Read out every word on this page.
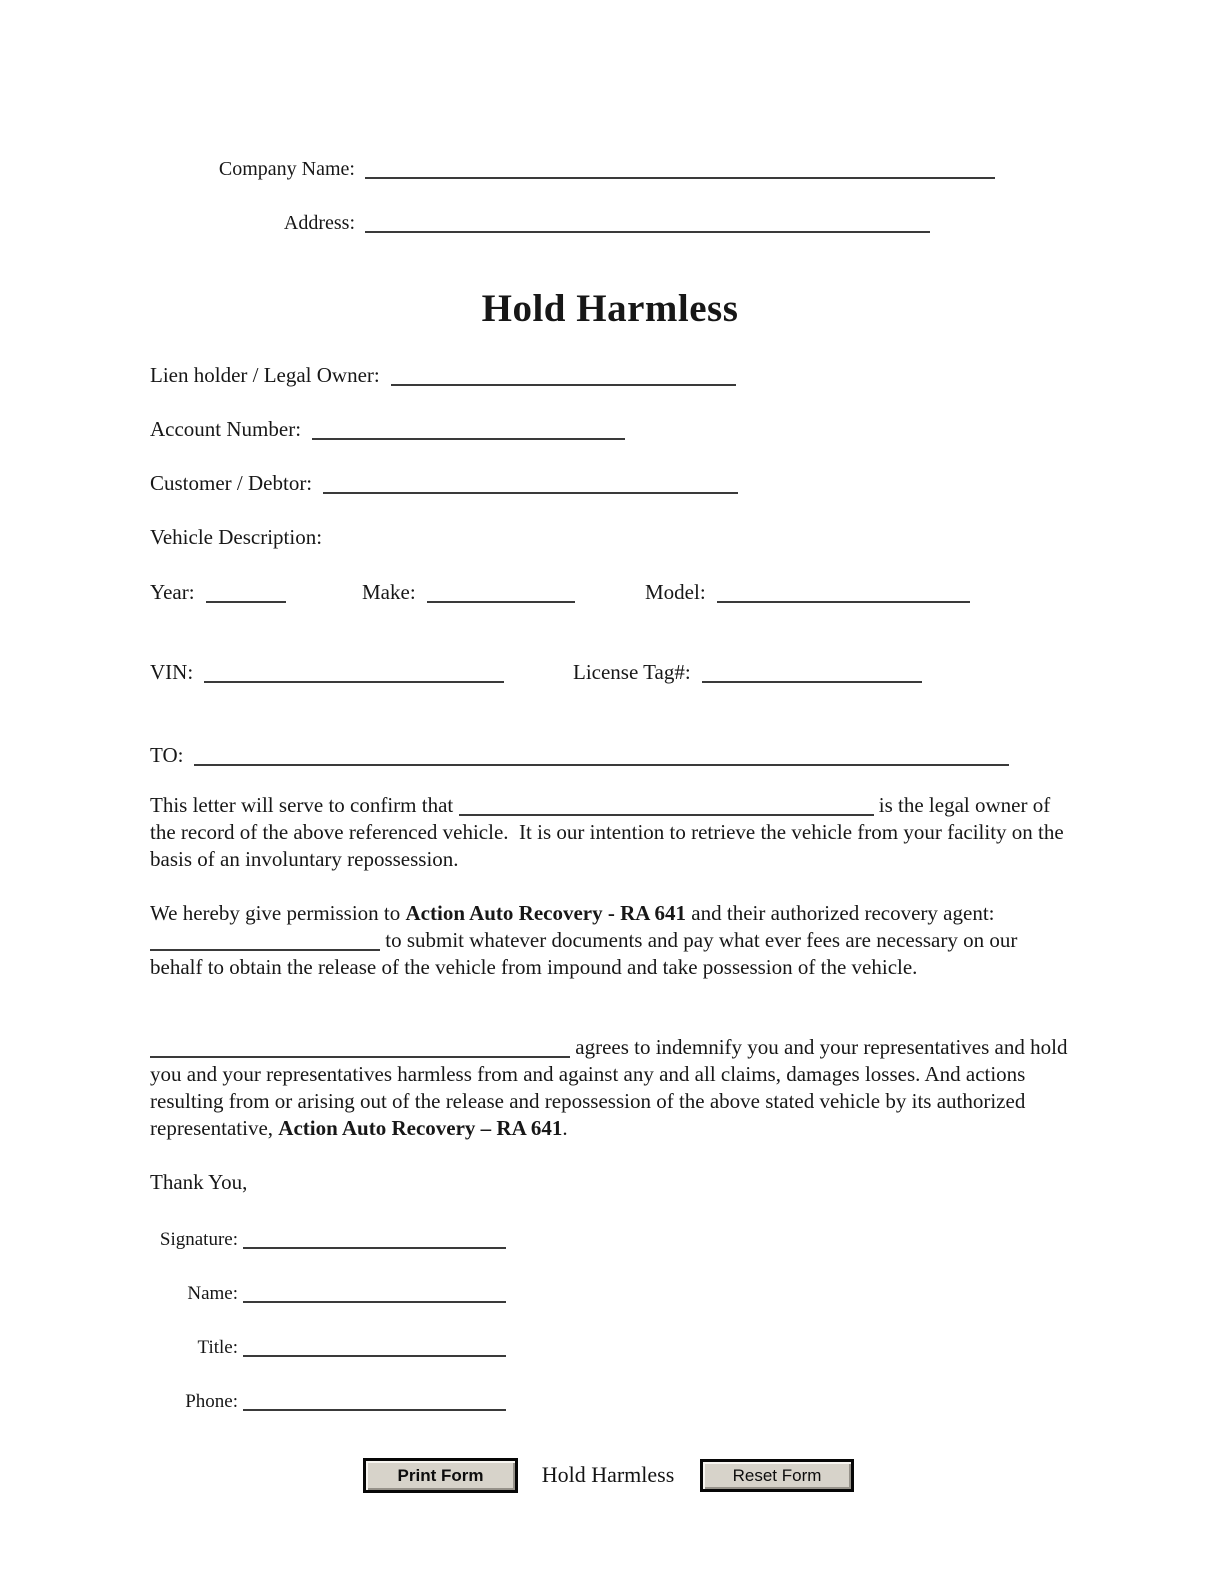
Company Name:
Address:
Hold Harmless
Lien holder / Legal Owner:
Account Number:
Customer / Debtor:
Vehicle Description:
Year:	Make:	Model:
VIN:	License Tag#:
TO:

This letter will serve to confirm that	is the legal owner of the record of the above referenced vehicle.  It is our intention to retrieve the vehicle from your facility on the basis of an involuntary repossession.

We hereby give permission to Action Auto Recovery - RA 641 and their authorized recovery agent:  to submit whatever documents and pay what ever fees are necessary on our behalf to obtain the release of the vehicle from impound and take possession of the vehicle.

agrees to indemnify you and your representatives and hold you and your representatives harmless from and against any and all claims, damages losses. And actions resulting from or arising out of the release and repossession of the above stated vehicle by its authorized representative, Action Auto Recovery – RA 641.

Thank You,
Signature:
Name:
Title:
Phone:
Print Form	Hold Harmless	Reset Form
